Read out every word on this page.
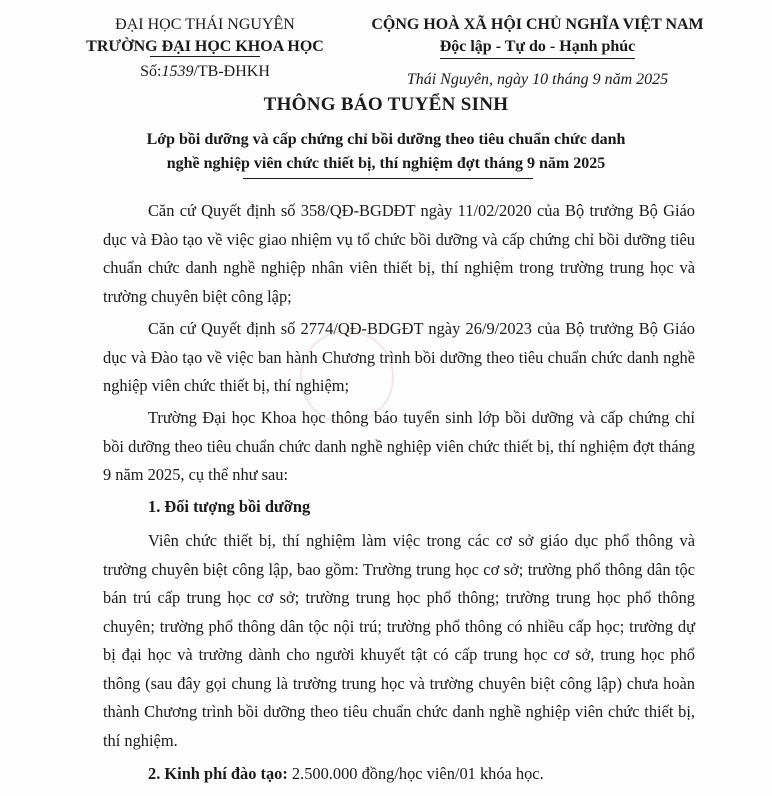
ĐẠI HỌC THÁI NGUYÊN
TRƯỜNG ĐẠI HỌC KHOA HỌC
Số:1539/TB-ĐHKH
CỘNG HOÀ XÃ HỘI CHỦ NGHĨA VIỆT NAM
Độc lập - Tự do - Hạnh phúc
Thái Nguyên, ngày 10 tháng 9 năm 2025
THÔNG BÁO TUYỂN SINH
Lớp bồi dưỡng và cấp chứng chỉ bồi dưỡng theo tiêu chuẩn chức danh
nghề nghiệp viên chức thiết bị, thí nghiệm đợt tháng 9 năm 2025
Căn cứ Quyết định số 358/QĐ-BGDĐT ngày 11/02/2020 của Bộ trưởng Bộ Giáo dục và Đào tạo về việc giao nhiệm vụ tổ chức bồi dưỡng và cấp chứng chỉ bồi dưỡng tiêu chuẩn chức danh nghề nghiệp nhân viên thiết bị, thí nghiệm trong trường trung học và trường chuyên biệt công lập;
Căn cứ Quyết định số 2774/QĐ-BDGĐT ngày 26/9/2023 của Bộ trưởng Bộ Giáo dục và Đào tạo về việc ban hành Chương trình bồi dưỡng theo tiêu chuẩn chức danh nghề nghiệp viên chức thiết bị, thí nghiệm;
Trường Đại học Khoa học thông báo tuyển sinh lớp bồi dưỡng và cấp chứng chỉ bồi dưỡng theo tiêu chuẩn chức danh nghề nghiệp viên chức thiết bị, thí nghiệm đợt tháng 9 năm 2025, cụ thể như sau:
1. Đối tượng bồi dưỡng
Viên chức thiết bị, thí nghiệm làm việc trong các cơ sở giáo dục phổ thông và trường chuyên biệt công lập, bao gồm: Trường trung học cơ sở; trường phổ thông dân tộc bán trú cấp trung học cơ sở; trường trung học phổ thông; trường trung học phổ thông chuyên; trường phổ thông dân tộc nội trú; trường phổ thông có nhiều cấp học; trường dự bị đại học và trường dành cho người khuyết tật có cấp trung học cơ sở, trung học phổ thông (sau đây gọi chung là trường trung học và trường chuyên biệt công lập) chưa hoàn thành Chương trình bồi dưỡng theo tiêu chuẩn chức danh nghề nghiệp viên chức thiết bị, thí nghiệm.
2. Kinh phí đào tạo: 2.500.000 đồng/học viên/01 khóa học.
